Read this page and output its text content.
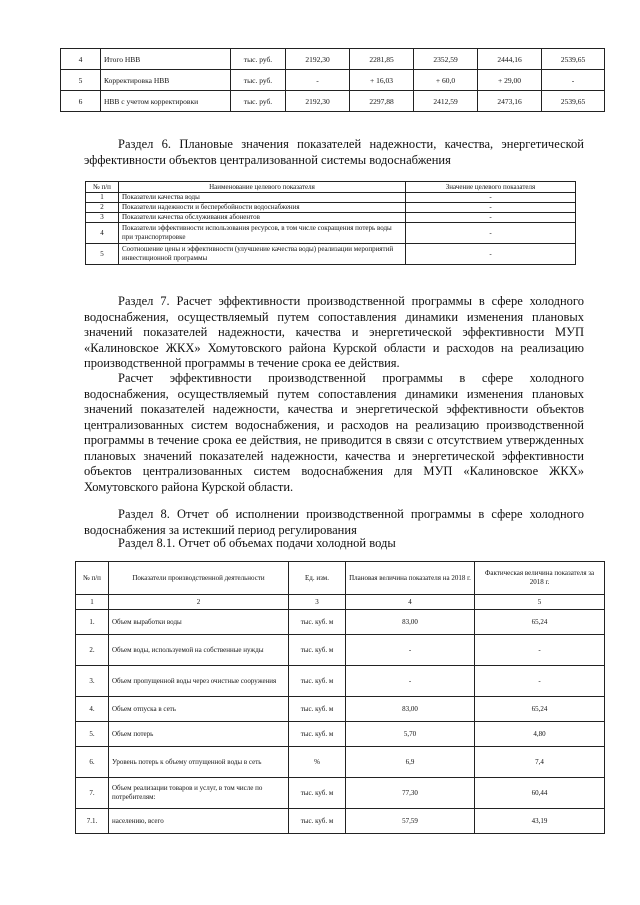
4	Итого НВВ	тыс. руб.	2192,30	2281,85	2352,59	2444,16	2539,65
5	Корректировка НВВ	тыс. руб.	-	+ 16,03	+ 60,0	+ 29,00	-
6	НВВ с учетом корректировки	тыс. руб.	2192,30	2297,88	2412,59	2473,16	2539,65

Раздел 6. Плановые значения показателей надежности, качества, энергетической эффективности объектов централизованной системы водоснабжения

№ п/п	Наименование целевого показателя	Значение целевого показателя
1	Показатели качества воды	-
2	Показатели надежности и бесперебойности водоснабжения	-
3	Показатели качества обслуживания абонентов	-
4	Показатели эффективности использования ресурсов, в том числе сокращения потерь воды при транспортировке	-
5	Соотношение цены и эффективности (улучшение качества воды) реализации мероприятий инвестиционной программы	-

Раздел 7. Расчет эффективности производственной программы в сфере холодного водоснабжения, осуществляемый путем сопоставления динамики изменения плановых значений показателей надежности, качества и энергетической эффективности МУП «Калиновское ЖКХ» Хомутовского района Курской области и расходов на реализацию производственной программы в течение срока ее действия.

Расчет эффективности производственной программы в сфере холодного водоснабжения, осуществляемый путем сопоставления динамики изменения плановых значений показателей надежности, качества и энергетической эффективности объектов централизованных систем водоснабжения, и расходов на реализацию производственной программы в течение срока ее действия, не приводится в связи с отсутствием утвержденных плановых значений показателей надежности, качества и энергетической эффективности объектов централизованных систем водоснабжения для МУП «Калиновское ЖКХ» Хомутовского района Курской области.

Раздел 8. Отчет об исполнении производственной программы в сфере холодного водоснабжения за истекший период регулирования

Раздел 8.1. Отчет об объемах подачи холодной воды

№ п/п	Показатели производственной деятельности	Ед. изм.	Плановая величина показателя на 2018 г.	Фактическая величина показателя за 2018 г.
1	2	3	4	5
1.	Объем выработки воды	тыс. куб. м	83,00	65,24
2.	Объем воды, используемой на собственные нужды	тыс. куб. м	-	-
3.	Объем пропущенной воды через очистные сооружения	тыс. куб. м	-	-
4.	Объем отпуска в сеть	тыс. куб. м	83,00	65,24
5.	Объем потерь	тыс. куб. м	5,70	4,80
6.	Уровень потерь к объему отпущенной воды в сеть	%	6,9	7,4
7.	Объем реализации товаров и услуг, в том числе по потребителям:	тыс. куб. м	77,30	60,44
7.1.	населению, всего	тыс. куб. м	57,59	43,19
